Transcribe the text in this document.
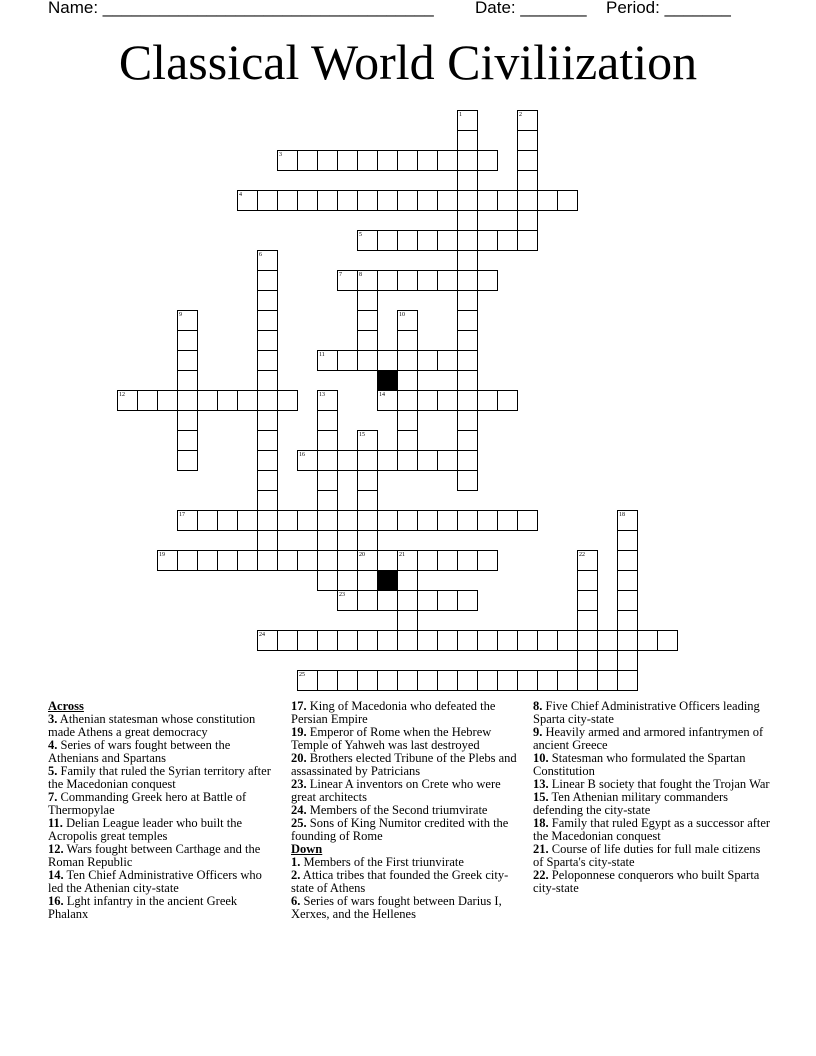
Name: ___________________________________ Date: _______ Period: _______
Classical World Civiliization
1	2
3
4
5
6
7	8
9	10
11
12	13	14
15
16
17	18
19	20	21	22
23
24
25
Across
3. Athenian statesman whose constitution made Athens a great democracy
4. Series of wars fought between the Athenians and Spartans
5. Family that ruled the Syrian territory after the Macedonian conquest
7. Commanding Greek hero at Battle of Thermopylae
11. Delian League leader who built the Acropolis great temples
12. Wars fought between Carthage and the Roman Republic
14. Ten Chief Administrative Officers who led the Athenian city-state
16. Lght infantry in the ancient Greek Phalanx
17. King of Macedonia who defeated the Persian Empire
19. Emperor of Rome when the Hebrew Temple of Yahweh was last destroyed
20. Brothers elected Tribune of the Plebs and assassinated by Patricians
23. Linear A inventors on Crete who were great architects
24. Members of the Second triumvirate
25. Sons of King Numitor credited with the founding of Rome
Down
1. Members of the First triunvirate
2. Attica tribes that founded the Greek city-state of Athens
6. Series of wars fought between Darius I, Xerxes, and the Hellenes
8. Five Chief Administrative Officers leading Sparta city-state
9. Heavily armed and armored infantrymen of ancient Greece
10. Statesman who formulated the Spartan Constitution
13. Linear B society that fought the Trojan War
15. Ten Athenian military commanders defending the city-state
18. Family that ruled Egypt as a successor after the Macedonian conquest
21. Course of life duties for full male citizens of Sparta's city-state
22. Peloponnese conquerors who built Sparta city-state
